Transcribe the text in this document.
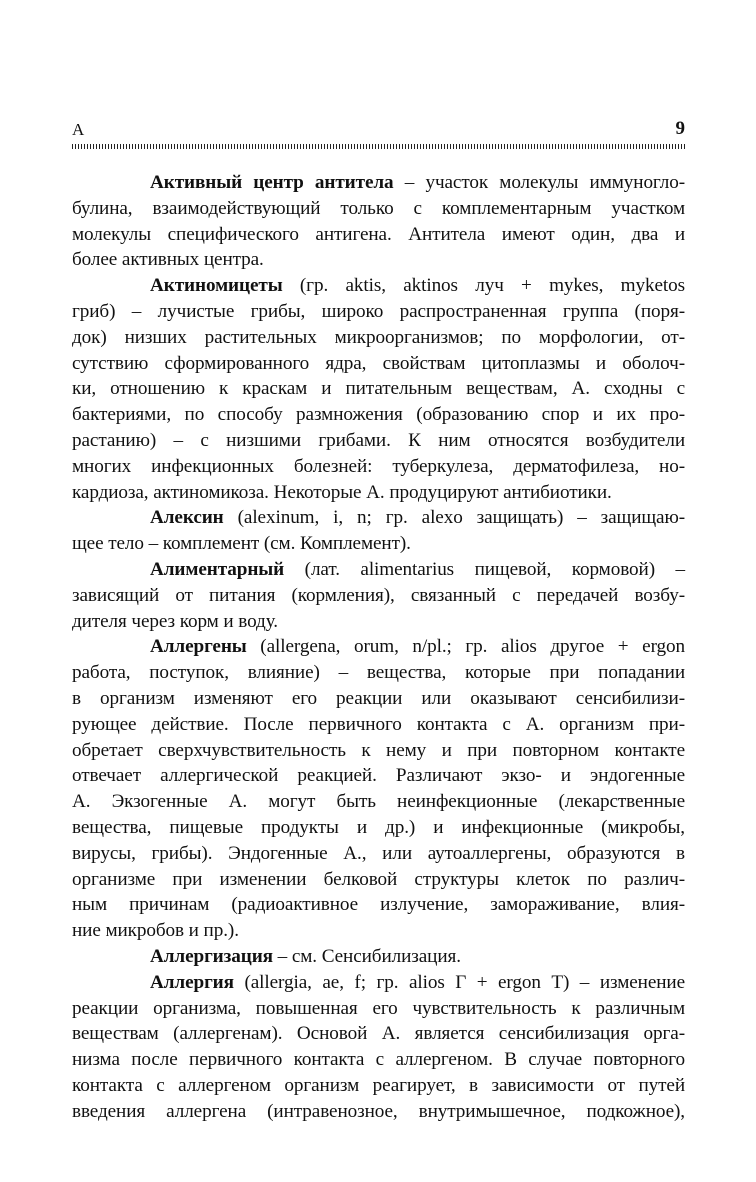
А	9
Активный центр антитела – участок молекулы иммуногло-
булина, взаимодействующий только с комплементарным участком
молекулы специфического антигена. Антитела имеют один, два и
более активных центра.
Актиномицеты (гр. aktis, aktinos луч + mykes, myketos
гриб) – лучистые грибы, широко распространенная группа (поря-
док) низших растительных микроорганизмов; по морфологии, от-
сутствию сформированного ядра, свойствам цитоплазмы и оболоч-
ки, отношению к краскам и питательным веществам, А. сходны с
бактериями, по способу размножения (образованию спор и их про-
растанию) – с низшими грибами. К ним относятся возбудители
многих инфекционных болезней: туберкулеза, дерматофилеза, но-
кардиоза, актиномикоза. Некоторые А. продуцируют антибиотики.
Алексин (alexinum, i, n; гр. alexo защищать) – защищаю-
щее тело – комплемент (см. Комплемент).
Алиментарный (лат. alimentarius пищевой, кормовой) –
зависящий от питания (кормления), связанный с передачей возбу-
дителя через корм и воду.
Аллергены (allergena, orum, n/pl.; гр. alios другое + ergon
работа, поступок, влияние) – вещества, которые при попадании
в организм изменяют его реакции или оказывают сенсибилизи-
рующее действие. После первичного контакта с А. организм при-
обретает сверхчувствительность к нему и при повторном контакте
отвечает аллергической реакцией. Различают экзо- и эндогенные
А. Экзогенные А. могут быть неинфекционные (лекарственные
вещества, пищевые продукты и др.) и инфекционные (микробы,
вирусы, грибы). Эндогенные А., или аутоаллергены, образуются в
организме при изменении белковой структуры клеток по различ-
ным причинам (радиоактивное излучение, замораживание, влия-
ние микробов и пр.).
Аллергизация – см. Сенсибилизация.
Аллергия (allergia, ae, f; гр. alios Г + ergon Т) – изменение
реакции организма, повышенная его чувствительность к различным
веществам (аллергенам). Основой А. является сенсибилизация орга-
низма после первичного контакта с аллергеном. В случае повторного
контакта с аллергеном организм реагирует, в зависимости от путей
введения аллергена (интравенозное, внутримышечное, подкожное),
